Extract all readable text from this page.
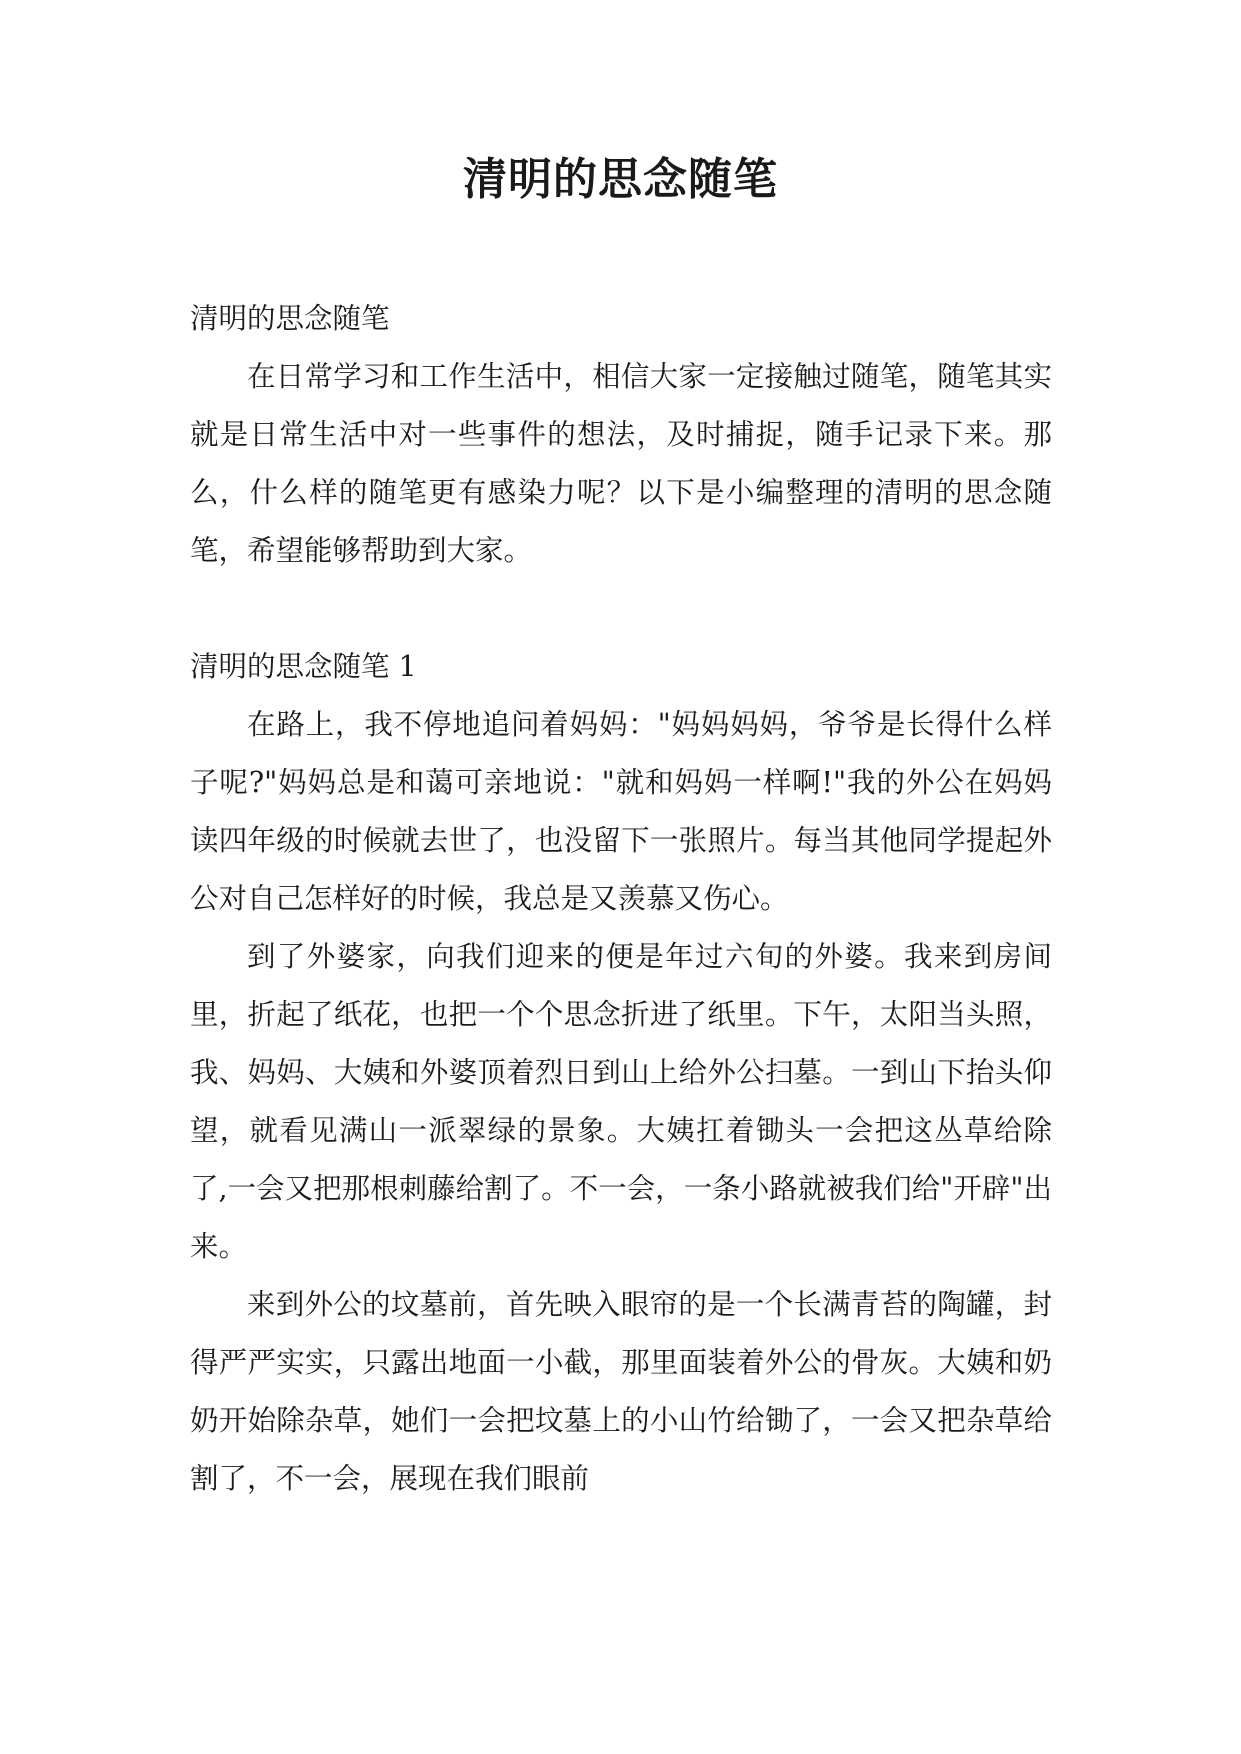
清明的思念随笔

清明的思念随笔

在日常学习和工作生活中，相信大家一定接触过随笔，随笔其实就是日常生活中对一些事件的想法，及时捕捉，随手记录下来。那么，什么样的随笔更有感染力呢？以下是小编整理的清明的思念随笔，希望能够帮助到大家。

清明的思念随笔 1

在路上，我不停地追问着妈妈："妈妈妈妈，爷爷是长得什么样子呢?"妈妈总是和蔼可亲地说："就和妈妈一样啊!"我的外公在妈妈读四年级的时候就去世了，也没留下一张照片。每当其他同学提起外公对自己怎样好的时候，我总是又羡慕又伤心。

到了外婆家，向我们迎来的便是年过六旬的外婆。我来到房间里，折起了纸花，也把一个个思念折进了纸里。下午，太阳当头照，我、妈妈、大姨和外婆顶着烈日到山上给外公扫墓。一到山下抬头仰望，就看见满山一派翠绿的景象。大姨扛着锄头一会把这丛草给除了,一会又把那根刺藤给割了。不一会，一条小路就被我们给"开辟"出来。

来到外公的坟墓前，首先映入眼帘的是一个长满青苔的陶罐，封得严严实实，只露出地面一小截，那里面装着外公的骨灰。大姨和奶奶开始除杂草，她们一会把坟墓上的小山竹给锄了，一会又把杂草给割了，不一会，展现在我们眼前
